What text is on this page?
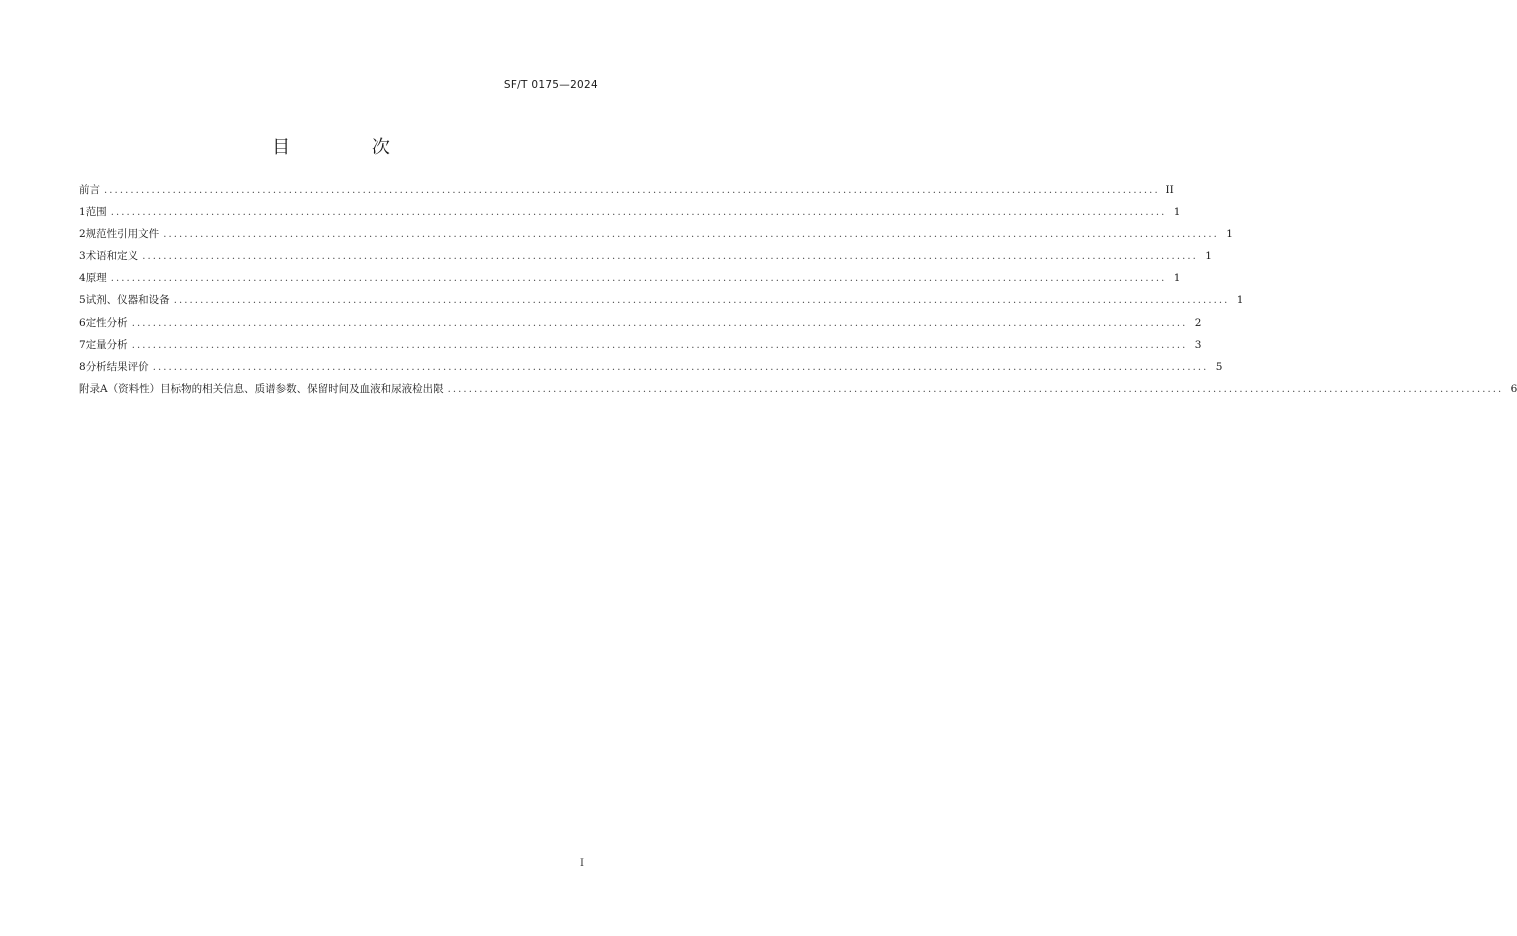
SF/T 0175—2024
目 次
前言 ........................................................................................................................................................................................................ II
1 范围 ........................................................................................................................................................................................................ 1
2 规范性引用文件 ........................................................................................................................................................................................................ 1
3 术语和定义 ........................................................................................................................................................................................................ 1
4 原理 ........................................................................................................................................................................................................ 1
5 试剂、仪器和设备 ........................................................................................................................................................................................................ 1
6 定性分析 ........................................................................................................................................................................................................ 2
7 定量分析 ........................................................................................................................................................................................................ 3
8 分析结果评价 ........................................................................................................................................................................................................ 5
附录A（资料性） 目标物的相关信息、质谱参数、保留时间及血液和尿液检出限 ........................................................................................................................................................................................................ 6
I
